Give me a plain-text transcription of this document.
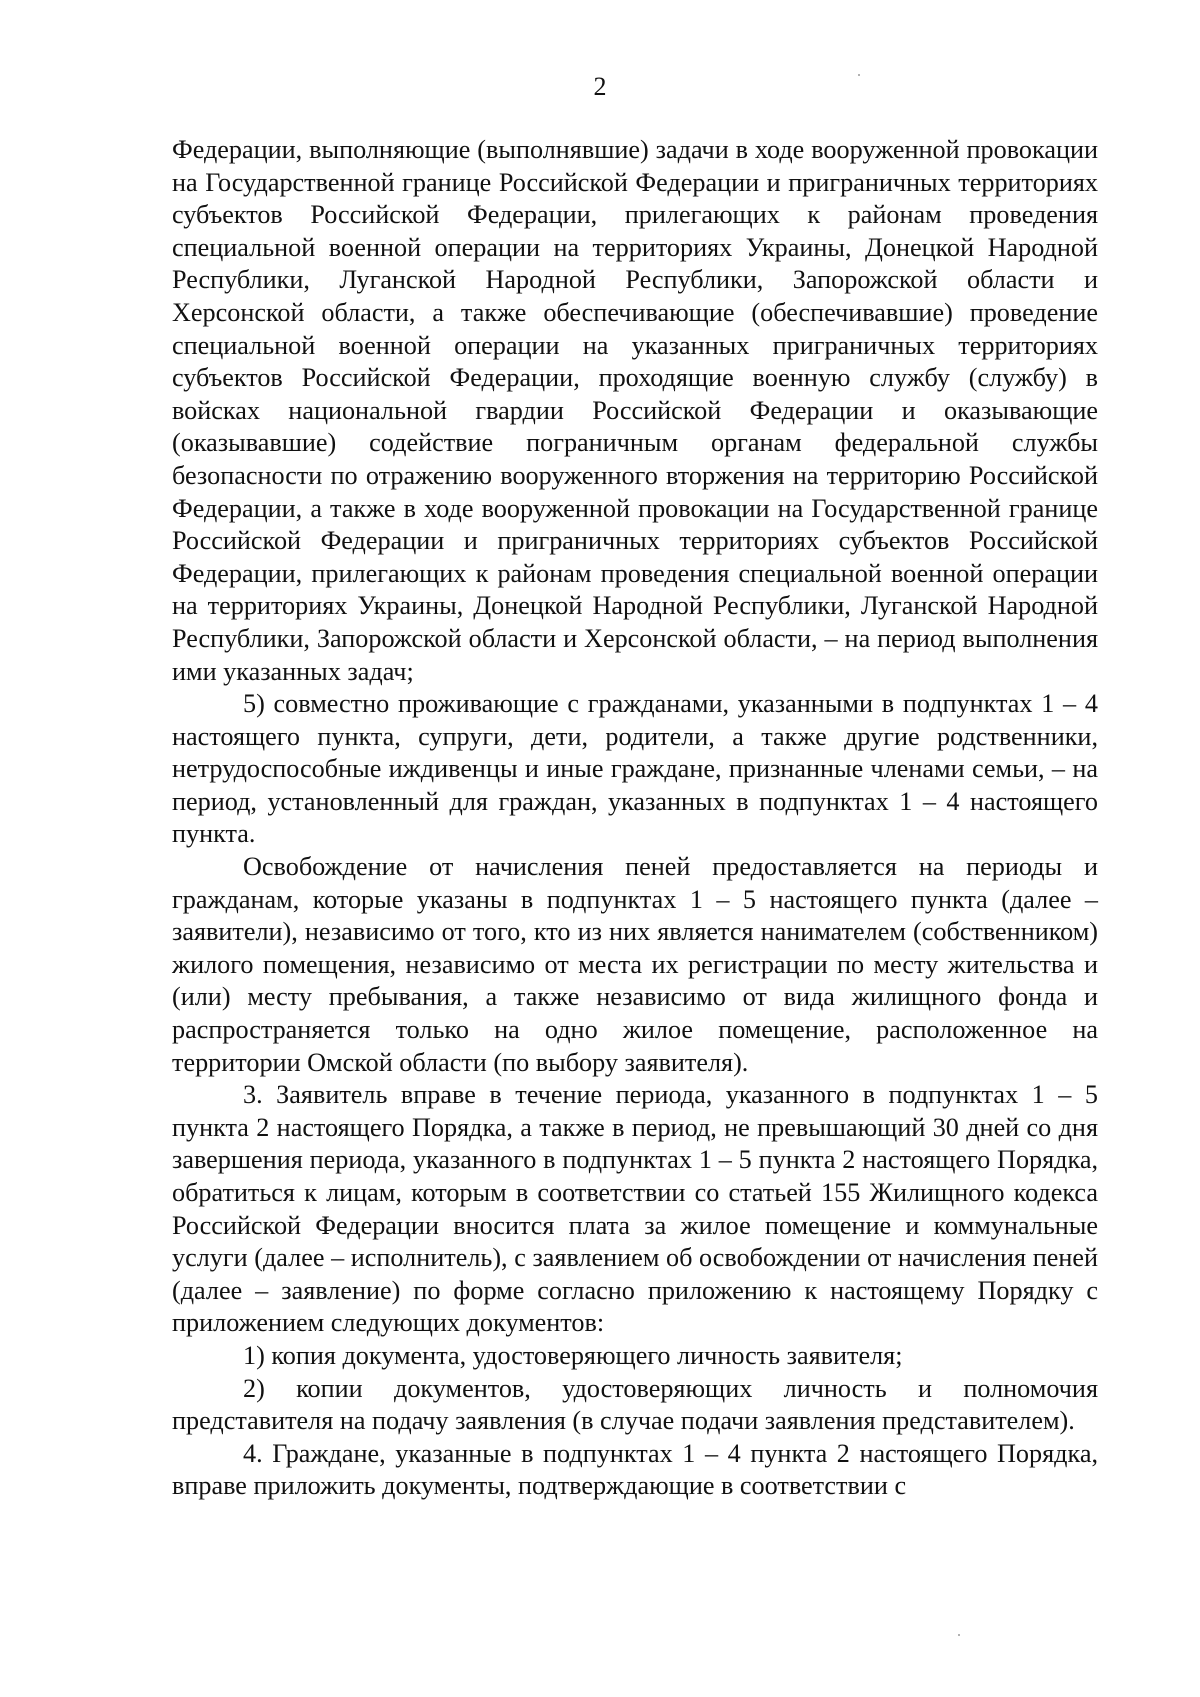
2

Федерации, выполняющие (выполнявшие) задачи в ходе вооруженной провокации на Государственной границе Российской Федерации и приграничных территориях субъектов Российской Федерации, прилегающих к районам проведения специальной военной операции на территориях Украины, Донецкой Народной Республики, Луганской Народной Республики, Запорожской области и Херсонской области, а также обеспечивающие (обеспечивавшие) проведение специальной военной операции на указанных приграничных территориях субъектов Российской Федерации, проходящие военную службу (службу) в войсках национальной гвардии Российской Федерации и оказывающие (оказывавшие) содействие пограничным органам федеральной службы безопасности по отражению вооруженного вторжения на территорию Российской Федерации, а также в ходе вооруженной провокации на Государственной границе Российской Федерации и приграничных территориях субъектов Российской Федерации, прилегающих к районам проведения специальной военной операции на территориях Украины, Донецкой Народной Республики, Луганской Народной Республики, Запорожской области и Херсонской области, – на период выполнения ими указанных задач;

5) совместно проживающие с гражданами, указанными в подпунктах 1 – 4 настоящего пункта, супруги, дети, родители, а также другие родственники, нетрудоспособные иждивенцы и иные граждане, признанные членами семьи, – на период, установленный для граждан, указанных в подпунктах 1 – 4 настоящего пункта.

Освобождение от начисления пеней предоставляется на периоды и гражданам, которые указаны в подпунктах 1 – 5 настоящего пункта (далее – заявители), независимо от того, кто из них является нанимателем (собственником) жилого помещения, независимо от места их регистрации по месту жительства и (или) месту пребывания, а также независимо от вида жилищного фонда и распространяется только на одно жилое помещение, расположенное на территории Омской области (по выбору заявителя).

3. Заявитель вправе в течение периода, указанного в подпунктах 1 – 5 пункта 2 настоящего Порядка, а также в период, не превышающий 30 дней со дня завершения периода, указанного в подпунктах 1 – 5 пункта 2 настоящего Порядка, обратиться к лицам, которым в соответствии со статьей 155 Жилищного кодекса Российской Федерации вносится плата за жилое помещение и коммунальные услуги (далее – исполнитель), с заявлением об освобождении от начисления пеней (далее – заявление) по форме согласно приложению к настоящему Порядку с приложением следующих документов:

1) копия документа, удостоверяющего личность заявителя;

2) копии документов, удостоверяющих личность и полномочия представителя на подачу заявления (в случае подачи заявления представителем).

4. Граждане, указанные в подпунктах 1 – 4 пункта 2 настоящего Порядка, вправе приложить документы, подтверждающие в соответствии с
